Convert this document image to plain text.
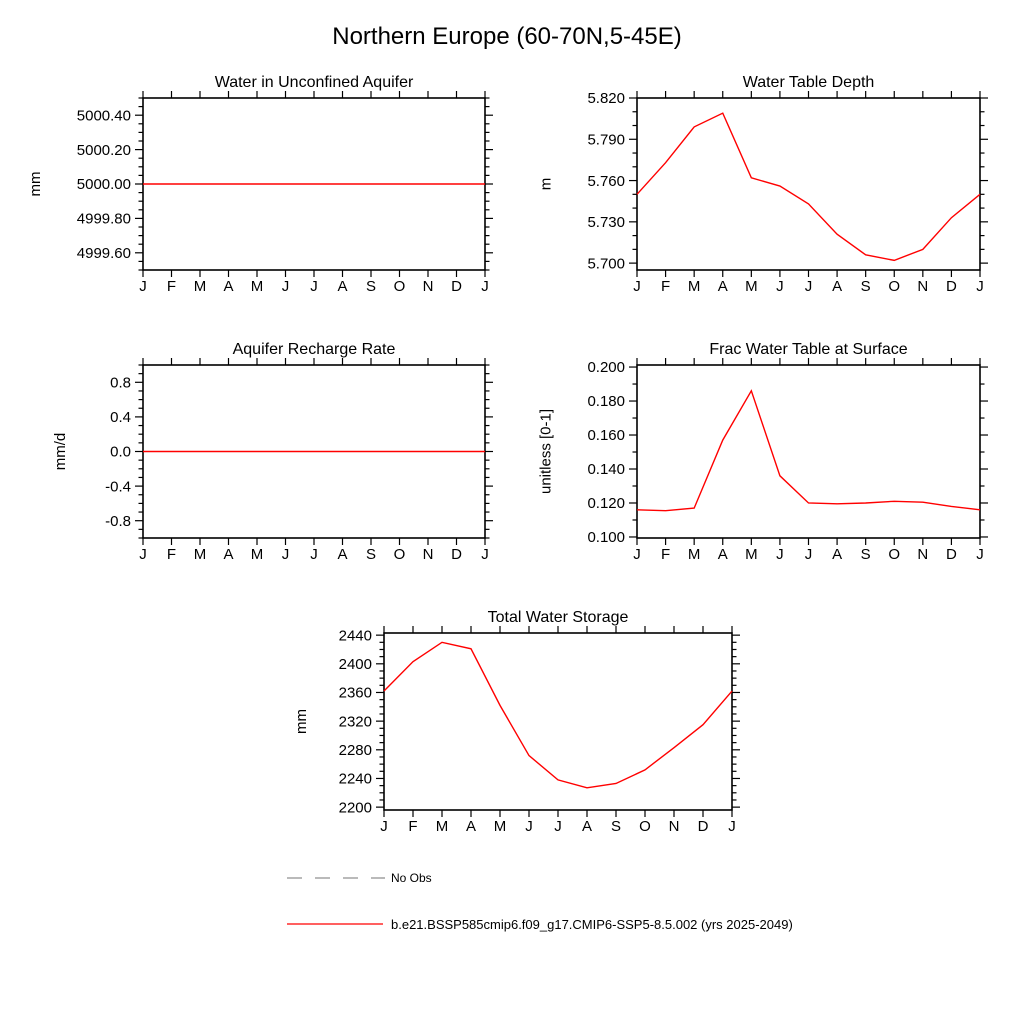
Northern Europe (60-70N,5-45E)
Water in Unconfined Aquifer
mm
4999.60
4999.80
5000.00
5000.20
5000.40
J F M A M J J A S O N D J
Water Table Depth
m
5.700
5.730
5.760
5.790
5.820
J F M A M J J A S O N D J
Aquifer Recharge Rate
mm/d
-0.8
-0.4
0.0
0.4
0.8
J F M A M J J A S O N D J
Frac Water Table at Surface
unitless [0-1]
0.100
0.120
0.140
0.160
0.180
0.200
J F M A M J J A S O N D J
Total Water Storage
mm
2200
2240
2280
2320
2360
2400
2440
J F M A M J J A S O N D J
No Obs
b.e21.BSSP585cmip6.f09_g17.CMIP6-SSP5-8.5.002 (yrs 2025-2049)
